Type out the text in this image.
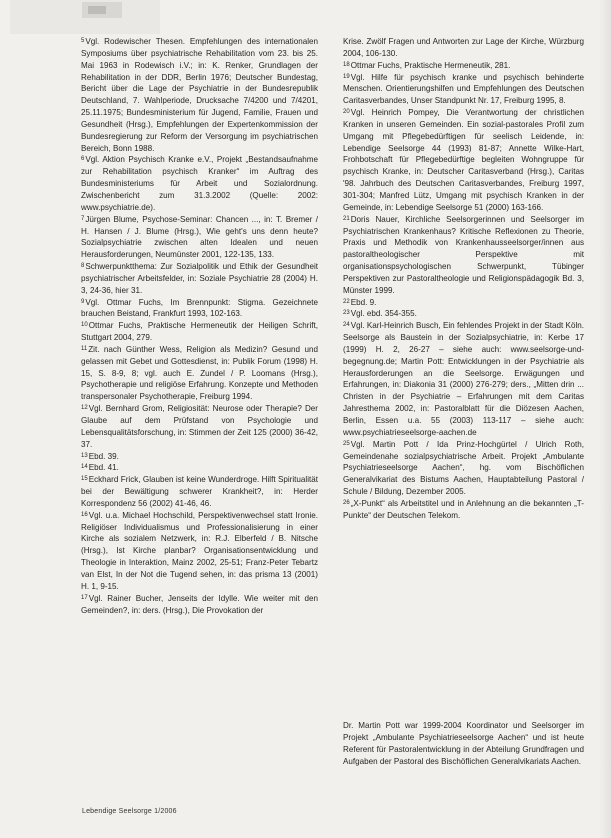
$^5$Vgl. Rodewischer Thesen. Empfehlungen des internationalen Symposiums über psychiatrische Rehabilitation vom 23. bis 25. Mai 1963 in Rodewisch i.V.; in: K. Renker, Grundlagen der Rehabilitation in der DDR, Berlin 1976; Deutscher Bundestag, Bericht über die Lage der Psychiatrie in der Bundesrepublik Deutschland, 7. Wahlperiode, Drucksache 7/4200 und 7/4201, 25.11.1975; Bundesministerium für Jugend, Familie, Frauen und Gesundheit (Hrsg.), Empfehlungen der Expertenkommission der Bundesregierung zur Reform der Versorgung im psychiatrischen Bereich, Bonn 1988.

$^6$Vgl. Aktion Psychisch Kranke e.V., Projekt „Bestandsaufnahme zur Rehabilitation psychisch Kranker“ im Auftrag des Bundesministeriums für Arbeit und Sozialordnung. Zwischenbericht zum 31.3.2002 (Quelle: 2002: www.psychiatrie.de).

$^7$Jürgen Blume, Psychose-Seminar: Chancen ..., in: T. Bremer / H. Hansen / J. Blume (Hrsg.), Wie geht's uns denn heute? Sozialpsychiatrie zwischen alten Idealen und neuen Herausforderungen, Neumünster 2001, 122-135, 133.

$^8$Schwerpunktthema: Zur Sozialpolitik und Ethik der Gesundheit psychiatrischer Arbeitsfelder, in: Soziale Psychiatrie 28 (2004) H. 3, 24-36, hier 31.

$^9$Vgl. Ottmar Fuchs, Im Brennpunkt: Stigma. Gezeichnete brauchen Beistand, Frankfurt 1993, 102-163.

$^{10}$Ottmar Fuchs, Praktische Hermeneutik der Heiligen Schrift, Stuttgart 2004, 279.

$^{11}$Zit. nach Günther Wess, Religion als Medizin? Gesund und gelassen mit Gebet und Gottesdienst, in: Publik Forum (1998) H. 15, S. 8-9, 8; vgl. auch E. Zundel / P. Loomans (Hrsg.), Psychotherapie und religiöse Erfahrung. Konzepte und Methoden transpersonaler Psychotherapie, Freiburg 1994.

$^{12}$Vgl. Bernhard Grom, Religiosität: Neurose oder Therapie? Der Glaube auf dem Prüfstand von Psychologie und Lebensqualitätsforschung, in: Stimmen der Zeit 125 (2000) 36-42, 37.

$^{13}$Ebd. 39.

$^{14}$Ebd. 41.

$^{15}$Eckhard Frick, Glauben ist keine Wunderdroge. Hilft Spiritualität bei der Bewältigung schwerer Krankheit?, in: Herder Korrespondenz 56 (2002) 41-46, 46.

$^{16}$Vgl. u.a. Michael Hochschild, Perspektivenwechsel statt Ironie. Religiöser Individualismus und Professionalisierung in einer Kirche als sozialem Netzwerk, in: R.J. Elberfeld / B. Nitsche (Hrsg.), Ist Kirche planbar? Organisationsentwicklung und Theologie in Interaktion, Mainz 2002, 25-51; Franz-Peter Tebartz van Elst, In der Not die Tugend sehen, in: das prisma 13 (2001) H. 1, 9-15.

$^{17}$Vgl. Rainer Bucher, Jenseits der Idylle. Wie weiter mit den Gemeinden?, in: ders. (Hrsg.), Die Provokation der

Krise. Zwölf Fragen und Antworten zur Lage der Kirche, Würzburg 2004, 106-130.

$^{18}$Ottmar Fuchs, Praktische Hermeneutik, 281.

$^{19}$Vgl. Hilfe für psychisch kranke und psychisch behinderte Menschen. Orientierungshilfen und Empfehlungen des Deutschen Caritasverbandes, Unser Standpunkt Nr. 17, Freiburg 1995, 8.

$^{20}$Vgl. Heinrich Pompey, Die Verantwortung der christlichen Kranken in unseren Gemeinden. Ein sozial-pastorales Profil zum Umgang mit Pflegebedürftigen für seelisch Leidende, in: Lebendige Seelsorge 44 (1993) 81-87; Annette Wilke-Hart, Frohbotschaft für Pflegebedürftige begleiten Wohngruppe für psychisch Kranke, in: Deutscher Caritasverband (Hrsg.), Caritas '98. Jahrbuch des Deutschen Caritasverbandes, Freiburg 1997, 301-304; Manfred Lütz, Umgang mit psychisch Kranken in der Gemeinde, in: Lebendige Seelsorge 51 (2000) 163-166.

$^{21}$Doris Nauer, Kirchliche Seelsorgerinnen und Seelsorger im Psychiatrischen Krankenhaus? Kritische Reflexionen zu Theorie, Praxis und Methodik von Krankenhausseelsorger/innen aus pastoraltheologischer Perspektive mit organisationspsychologischen Schwerpunkt, Tübinger Perspektiven zur Pastoraltheologie und Religionspädagogik Bd. 3, Münster 1999.

$^{22}$Ebd. 9.

$^{23}$Vgl. ebd. 354-355.

$^{24}$Vgl. Karl-Heinrich Busch, Ein fehlendes Projekt in der Stadt Köln. Seelsorge als Baustein in der Sozialpsychiatrie, in: Kerbe 17 (1999) H. 2, 26-27 – siehe auch: www.seelsorge-und-begegnung.de; Martin Pott: Entwicklungen in der Psychiatrie als Herausforderungen an die Seelsorge. Erwägungen und Erfahrungen, in: Diakonia 31 (2000) 276-279; ders., „Mitten drin ... Christen in der Psychiatrie – Erfahrungen mit dem Caritas Jahresthema 2002, in: Pastoralblatt für die Diözesen Aachen, Berlin, Essen u.a. 55 (2003) 113-117 – siehe auch: www.psychiatrieseelsorge-aachen.de

$^{25}$Vgl. Martin Pott / Ida Prinz-Hochgürtel / Ulrich Roth, Gemeindenahe sozialpsychiatrische Arbeit. Projekt „Ambulante Psychiatrieseelsorge Aachen“, hg. vom Bischöflichen Generalvikariat des Bistums Aachen, Hauptabteilung Pastoral / Schule / Bildung, Dezember 2005.

$^{26}$„X-Punkt“ als Arbeitstitel und in Anlehnung an die bekannten „T-Punkte“ der Deutschen Telekom.

Dr. Martin Pott war 1999-2004 Koordinator und Seelsorger im Projekt „Ambulante Psychiatrieseelsorge Aachen“ und ist heute Referent für Pastoralentwicklung in der Abteilung Grundfragen und Aufgaben der Pastoral des Bischöflichen Generalvikariats Aachen.

Lebendige Seelsorge 1/2006
